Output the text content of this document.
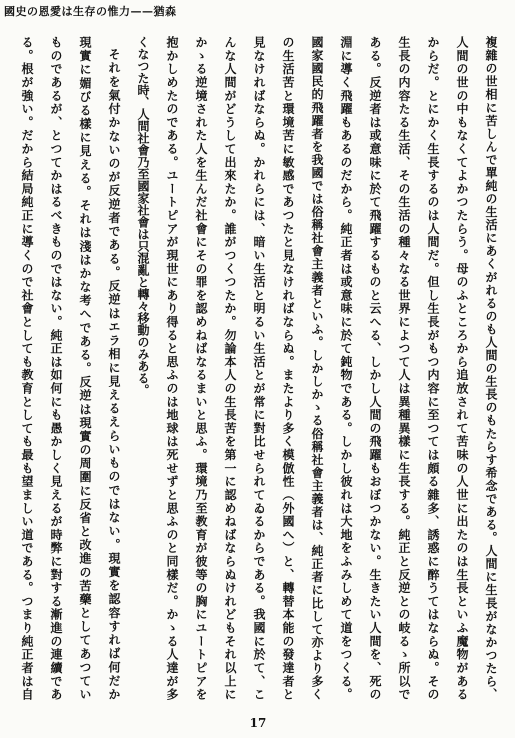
國史の恩愛は生存の惟力——猶森
複雜の世相に苦しんで單純の生活にあくがれるのも人間の生長のもたらす希念である。人間に生長がなかつたら、
人間の世の中もなくてよかつたらう。母のふところから追放されて苦味の人世に出たのは生長といふ魔物がある
からだ。とにかく生長するのは人間だ。但し生長がもつ内容に至つては頗る雜多、誘惑に醉うてはならぬ。その
生長の内容たる生活、その生活の種々なる世界によつて人は異種異樣に生長する。純正と反逆との岐るゝ所以で
ある。反逆者は或意味に於て飛躍するものと云へる、しかし人間の飛躍もおぼつかない。生きたい人間を、死の
淵に導く飛躍もあるのだから。純正者は或意味に於て鈍物である。しかし彼れは大地をふみしめて道をつくる。
國家國民的飛躍者を我國では俗稱社會主義者といふ。しかしかゝる俗稱社會主義者は、純正者に比して亦より多く
の生活苦と環境苦に敏感であつたと見なければならぬ。またより多く模倣性（外國へ）と、轉替本能の發達者と
見なければならぬ。かれらには、暗い生活と明るい生活とが常に對比せられてゐるからである。我國に於て、こ
んな人間がどうして出來たか。誰がつくつたか。勿論本人の生長苦を第一に認めねばならぬけれどもそれ以上に
かゝる逆境された人を生んだ社會にその罪を認めねばなるまいと思ふ。環境乃至教育が彼等の胸にユートピアを
抱かしめたのである。ユートピアが現世にあり得ると思ふのは地球は死せずと思ふのと同樣だ。かゝる人達が多
くなつた時、人間社會乃至國家社會は只混亂と轉々移動のみある。
それを氣付かないのが反逆者である。反逆はエラ相に見えるえらいものではない。現實を認容すれば何だか
現實に媚びる樣に見える。それは淺はかな考へである。反逆は現實の周圍に反省と改進の苦藥としてあつてい
ものであるが、とつてかはるべきものではない。純正は如何にも愚かしく見えるが時弊に對する漸進の連續であ
る。根が強い。だから結局純正に導くので社會としても教育としても最も望ましい道である。つまり純正者は自
17
